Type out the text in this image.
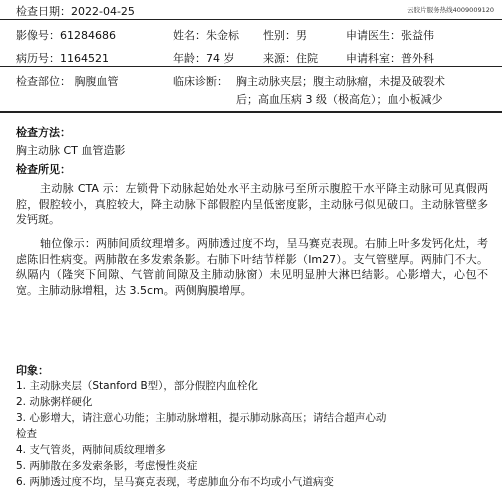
检查日期：2022-04-25	云胶片服务热线4009009120
影像号：61284686	姓名：朱金标 性别：男	申请医生：张益伟
病历号：1164521	年龄：74 岁	来源：住院	申请科室：普外科
检查部位： 胸腹血管	临床诊断： 胸主动脉夹层；腹主动脉瘤，未提及破裂术
后；高血压病 3 级（极高危）；血小板减少
检查方法：
胸主动脉 CT 血管造影
检查所见：
主动脉 CTA 示：左锁骨下动脉起始处水平主动脉弓至所示腹腔干水平降主动脉可见真假两腔，假腔较小，真腔较大，降主动脉下部假腔内呈低密度影，主动脉弓似见破口。主动脉管壁多发钙斑。
轴位像示：两肺间质纹理增多。两肺透过度不均，呈马赛克表现。右肺上叶多发钙化灶，考虑陈旧性病变。两肺散在多发索条影。右肺下叶结节样影（Im27）。支气管壁厚。两肺门不大。纵隔内（隆突下间隙、气管前间隙及主肺动脉窗）未见明显肿大淋巴结影。心影增大，心包不宽。主肺动脉增粗，达 3.5cm。两侧胸膜增厚。
印象：
1. 主动脉夹层（Stanford B型），部分假腔内血栓化
2. 动脉粥样硬化
3. 心影增大，请注意心功能；主肺动脉增粗，提示肺动脉高压；请结合超声心动
检查
4. 支气管炎，两肺间质纹理增多
5. 两肺散在多发索条影，考虑慢性炎症
6. 两肺透过度不均，呈马赛克表现，考虑肺血分布不均或小气道病变
